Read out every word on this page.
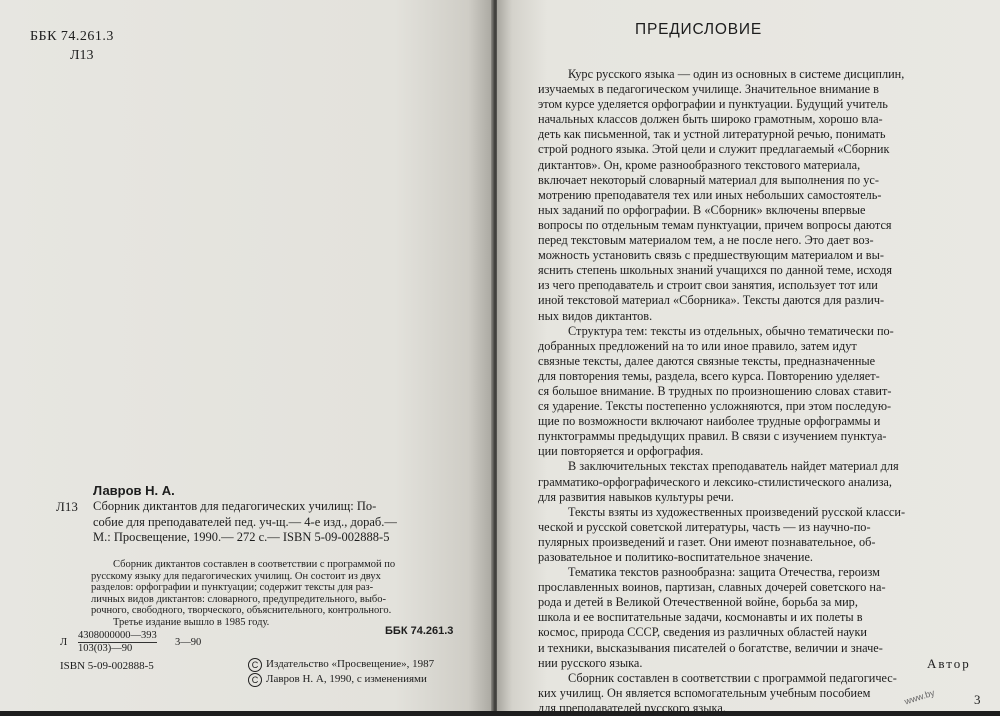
ББК 74.261.3
Л13
Лавров Н. А.
Л13 Сборник диктантов для педагогических училищ: По-
собие для преподавателей пед. уч-щ.— 4-е изд., дораб.—
М.: Просвещение, 1990.— 272 с.— ISBN 5-09-002888-5
Сборник диктантов составлен в соответствии с программой по
русскому языку для педагогических училищ. Он состоит из двух
разделов: орфографии и пунктуации; содержит тексты для раз-
личных видов диктантов: словарного, предупредительного, выбо-
рочного, свободного, творческого, объяснительного, контрольного.
Третье издание вышло в 1985 году.
Л
4308000000—393
103(03)—90
3—90
ББК 74.261.3
ISBN 5-09-002888-5	С Издательство «Просвещение», 1987
С Лавров Н. А, 1990, с изменениями
ПРЕДИСЛОВИЕ
Курс русского языка — один из основных в системе дисциплин,
изучаемых в педагогическом училище. Значительное внимание в
этом курсе уделяется орфографии и пунктуации. Будущий учитель
начальных классов должен быть широко грамотным, хорошо вла-
деть как письменной, так и устной литературной речью, понимать
строй родного языка. Этой цели и служит предлагаемый «Сборник
диктантов». Он, кроме разнообразного текстового материала,
включает некоторый словарный материал для выполнения по ус-
мотрению преподавателя тех или иных небольших самостоятель-
ных заданий по орфографии. В «Сборник» включены впервые
вопросы по отдельным темам пунктуации, причем вопросы даются
перед текстовым материалом тем, а не после него. Это дает воз-
можность установить связь с предшествующим материалом и вы-
яснить степень школьных знаний учащихся по данной теме, исходя
из чего преподаватель и строит свои занятия, использует тот или
иной текстовой материал «Сборника». Тексты даются для различ-
ных видов диктантов.
Структура тем: тексты из отдельных, обычно тематически по-
добранных предложений на то или иное правило, затем идут
связные тексты, далее даются связные тексты, предназначенные
для повторения темы, раздела, всего курса. Повторению уделяет-
ся большое внимание. В трудных по произношению словах ставит-
ся ударение. Тексты постепенно усложняются, при этом последую-
щие по возможности включают наиболее трудные орфограммы и
пунктограммы предыдущих правил. В связи с изучением пунктуа-
ции повторяется и орфография.
В заключительных текстах преподаватель найдет материал для
грамматико-орфографического и лексико-стилистического анализа,
для развития навыков культуры речи.
Тексты взяты из художественных произведений русской класси-
ческой и русской советской литературы, часть — из научно-по-
пулярных произведений и газет. Они имеют познавательное, об-
разовательное и политико-воспитательное значение.
Тематика текстов разнообразна: защита Отечества, героизм
прославленных воинов, партизан, славных дочерей советского на-
рода и детей в Великой Отечественной войне, борьба за мир,
школа и ее воспитательные задачи, космонавты и их полеты в
космос, природа СССР, сведения из различных областей науки
и техники, высказывания писателей о богатстве, величии и значе-
нии русского языка.
Сборник составлен в соответствии с программой педагогичес-
ких училищ. Он является вспомогательным учебным пособием
для преподавателей русского языка.
Автор
www.by	3
